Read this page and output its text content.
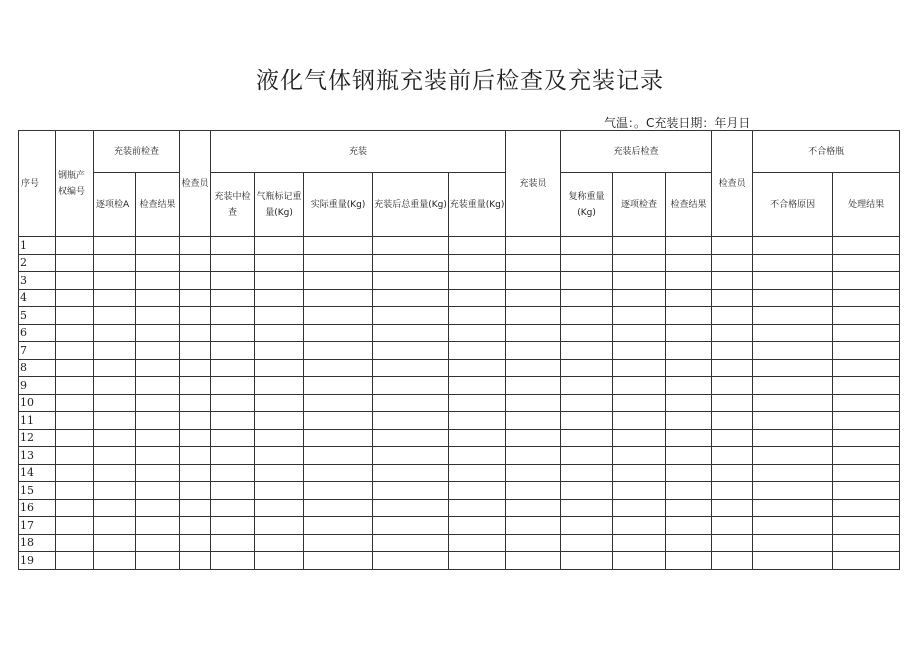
液化气体钢瓶充装前后检查及充装记录
气温：。C充装日期：年月日
序号	钢瓶产权编号	充装前检查		检查员	充装					充装员	充装后检查			检查员	不合格瓶	
		逐项检A	检查结果		充装中检查	气瓶标记重量(Kg)	实际重量(Kg)	充装后总重量(Kg)	充装重量(Kg)		复称重量(Kg)	逐项检查	检查结果		不合格原因	处理结果
1																
2																
3																
4																
5																
6																
7																
8																
9																
10																
11																
12																
13																
14																
15																
16																
17																
18																
19																
